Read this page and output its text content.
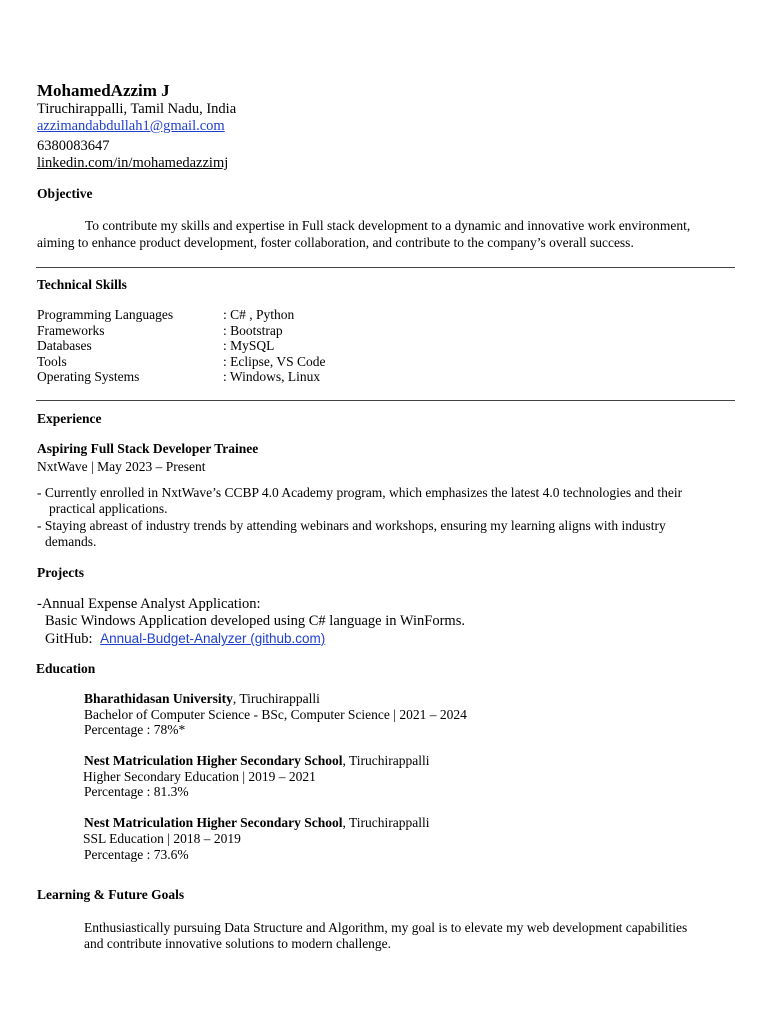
MohamedAzzim J
Tiruchirappalli, Tamil Nadu, India
azzimandabdullah1@gmail.com
6380083647
linkedin.com/in/mohamedazzimj
Objective
To contribute my skills and expertise in Full stack development to a dynamic and innovative work environment,
aiming to enhance product development, foster collaboration, and contribute to the company’s overall success.
Technical Skills
Programming Languages	: C# , Python
Frameworks	: Bootstrap
Databases	: MySQL
Tools	: Eclipse, VS Code
Operating Systems	: Windows, Linux
Experience
Aspiring Full Stack Developer Trainee
NxtWave | May 2023 – Present
- Currently enrolled in NxtWave’s CCBP 4.0 Academy program, which emphasizes the latest 4.0 technologies and their
practical applications.
- Staying abreast of industry trends by attending webinars and workshops, ensuring my learning aligns with industry
demands.
Projects
-Annual Expense Analyst Application:
Basic Windows Application developed using C# language in WinForms.
GitHub: Annual-Budget-Analyzer (github.com)
Education
Bharathidasan University, Tiruchirappalli
Bachelor of Computer Science - BSc, Computer Science | 2021 – 2024
Percentage : 78%*
Nest Matriculation Higher Secondary School, Tiruchirappalli
Higher Secondary Education | 2019 – 2021
Percentage : 81.3%
Nest Matriculation Higher Secondary School, Tiruchirappalli
SSL Education | 2018 – 2019
Percentage : 73.6%
Learning & Future Goals
Enthusiastically pursuing Data Structure and Algorithm, my goal is to elevate my web development capabilities
and contribute innovative solutions to modern challenge.
